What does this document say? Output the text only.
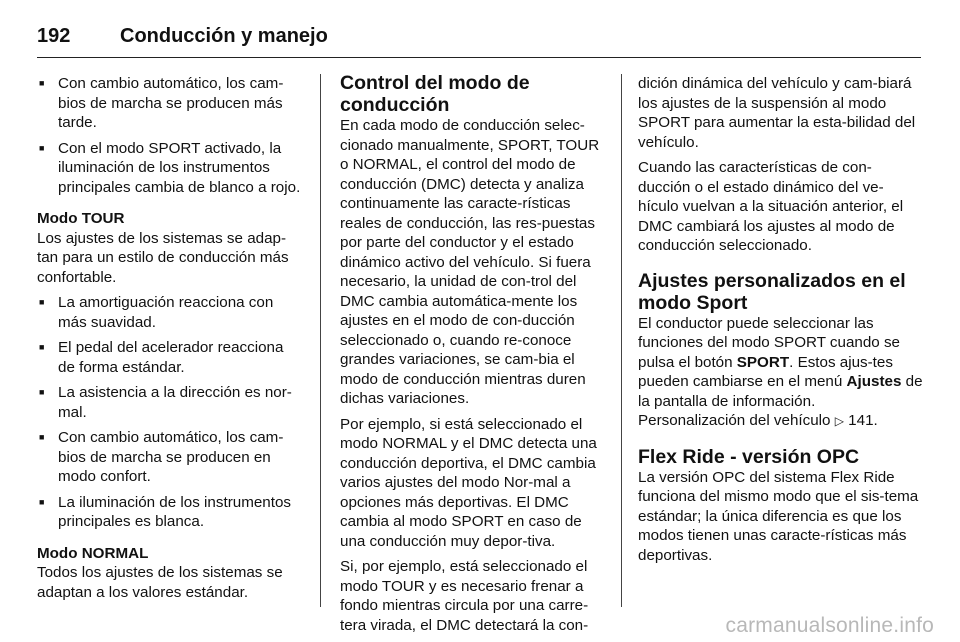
192	Conducción y manejo
■ Con cambio automático, los cam-bios de marcha se producen más tarde.
■ Con el modo SPORT activado, la iluminación de los instrumentos principales cambia de blanco a rojo.
Modo TOUR
Los ajustes de los sistemas se adap-tan para un estilo de conducción más confortable.
■ La amortiguación reacciona con más suavidad.
■ El pedal del acelerador reacciona de forma estándar.
■ La asistencia a la dirección es nor-mal.
■ Con cambio automático, los cam-bios de marcha se producen en modo confort.
■ La iluminación de los instrumentos principales es blanca.
Modo NORMAL
Todos los ajustes de los sistemas se adaptan a los valores estándar.
Control del modo de conducción
En cada modo de conducción selec-cionado manualmente, SPORT, TOUR o NORMAL, el control del modo de conducción (DMC) detecta y analiza continuamente las caracte-rísticas reales de conducción, las res-puestas por parte del conductor y el estado dinámico activo del vehículo. Si fuera necesario, la unidad de con-trol del DMC cambia automática-mente los ajustes en el modo de con-ducción seleccionado o, cuando re-conoce grandes variaciones, se cam-bia el modo de conducción mientras duren dichas variaciones.
Por ejemplo, si está seleccionado el modo NORMAL y el DMC detecta una conducción deportiva, el DMC cambia varios ajustes del modo Nor-mal a opciones más deportivas. El DMC cambia al modo SPORT en caso de una conducción muy depor-tiva.
Si, por ejemplo, está seleccionado el modo TOUR y es necesario frenar a fondo mientras circula por una carre-tera virada, el DMC detectará la con-
dición dinámica del vehículo y cam-biará los ajustes de la suspensión al modo SPORT para aumentar la esta-bilidad del vehículo.
Cuando las características de con-ducción o el estado dinámico del ve-hículo vuelvan a la situación anterior, el DMC cambiará los ajustes al modo de conducción seleccionado.
Ajustes personalizados en el modo Sport
El conductor puede seleccionar las funciones del modo SPORT cuando se pulsa el botón SPORT. Estos ajus-tes pueden cambiarse en el menú Ajustes de la pantalla de información. Personalización del vehículo ▷ 141.
Flex Ride - versión OPC
La versión OPC del sistema Flex Ride funciona del mismo modo que el sis-tema estándar; la única diferencia es que los modos tienen unas caracte-rísticas más deportivas.
carmanualsonline.info
